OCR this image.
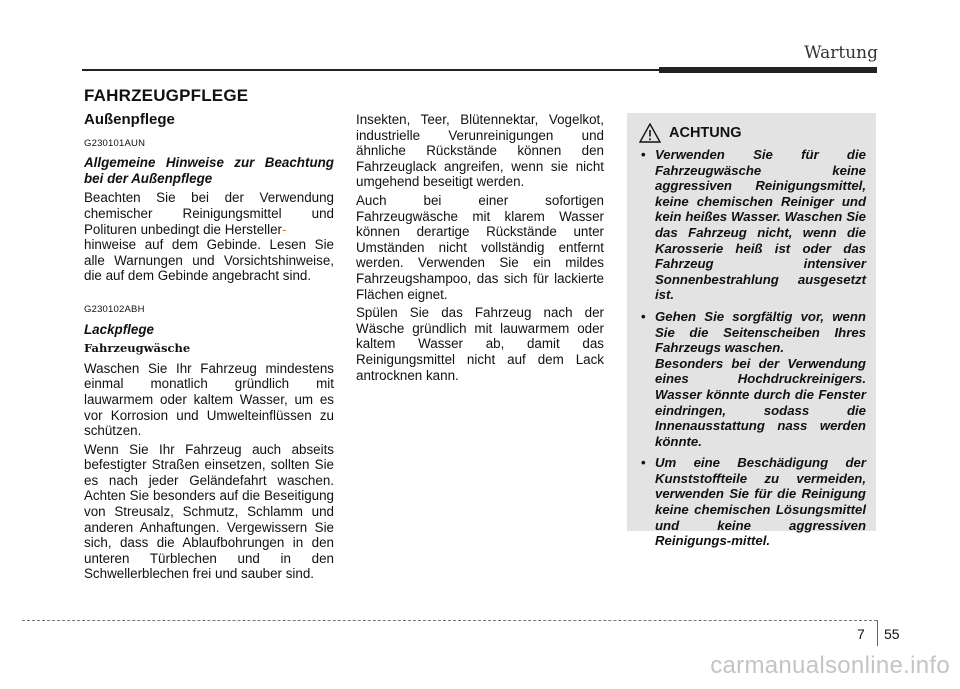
Wartung
FAHRZEUGPFLEGE
Außenpflege
G230101AUN
Allgemeine Hinweise zur Beachtung bei der Außenpflege

Beachten Sie bei der Verwendung chemischer Reinigungsmittel und Polituren unbedingt die Hersteller-
hinweise auf dem Gebinde. Lesen Sie alle Warnungen und Vorsichtshinweise, die auf dem Gebinde angebracht sind.

G230102ABH
Lackpflege
Fahrzeugwäsche

Waschen Sie Ihr Fahrzeug mindestens einmal monatlich gründlich mit lauwarmem oder kaltem Wasser, um es vor Korrosion und Umwelteinflüssen zu schützen.

Wenn Sie Ihr Fahrzeug auch abseits befestigter Straßen einsetzen, sollten Sie es nach jeder Geländefahrt waschen. Achten Sie besonders auf die Beseitigung von Streusalz, Schmutz, Schlamm und anderen Anhaftungen. Vergewissern Sie sich, dass die Ablaufbohrungen in den unteren Türblechen und in den Schwellerblechen frei und sauber sind.

Insekten, Teer, Blütennektar, Vogelkot, industrielle Verunreinigungen und ähnliche Rückstände können den Fahrzeuglack angreifen, wenn sie nicht umgehend beseitigt werden.

Auch bei einer sofortigen Fahrzeugwäsche mit klarem Wasser können derartige Rückstände unter Umständen nicht vollständig entfernt werden. Verwenden Sie ein mildes Fahrzeugshampoo, das sich für lackierte Flächen eignet.

Spülen Sie das Fahrzeug nach der Wäsche gründlich mit lauwarmem oder kaltem Wasser ab, damit das Reinigungsmittel nicht auf dem Lack antrocknen kann.

ACHTUNG
• Verwenden Sie für die Fahrzeugwäsche keine aggressiven Reinigungsmittel, keine chemischen Reiniger und kein heißes Wasser. Waschen Sie das Fahrzeug nicht, wenn die Karosserie heiß ist oder das Fahrzeug intensiver Sonnenbestrahlung ausgesetzt ist.
• Gehen Sie sorgfältig vor, wenn Sie die Seitenscheiben Ihres Fahrzeugs waschen.
Besonders bei der Verwendung eines Hochdruckreinigers. Wasser könnte durch die Fenster eindringen, sodass die Innenausstattung nass werden könnte.
• Um eine Beschädigung der Kunststoffteile zu vermeiden, verwenden Sie für die Reinigung keine chemischen Lösungsmittel und keine aggressiven Reinigungs-mittel.
7 55
carmanualsonline.info
